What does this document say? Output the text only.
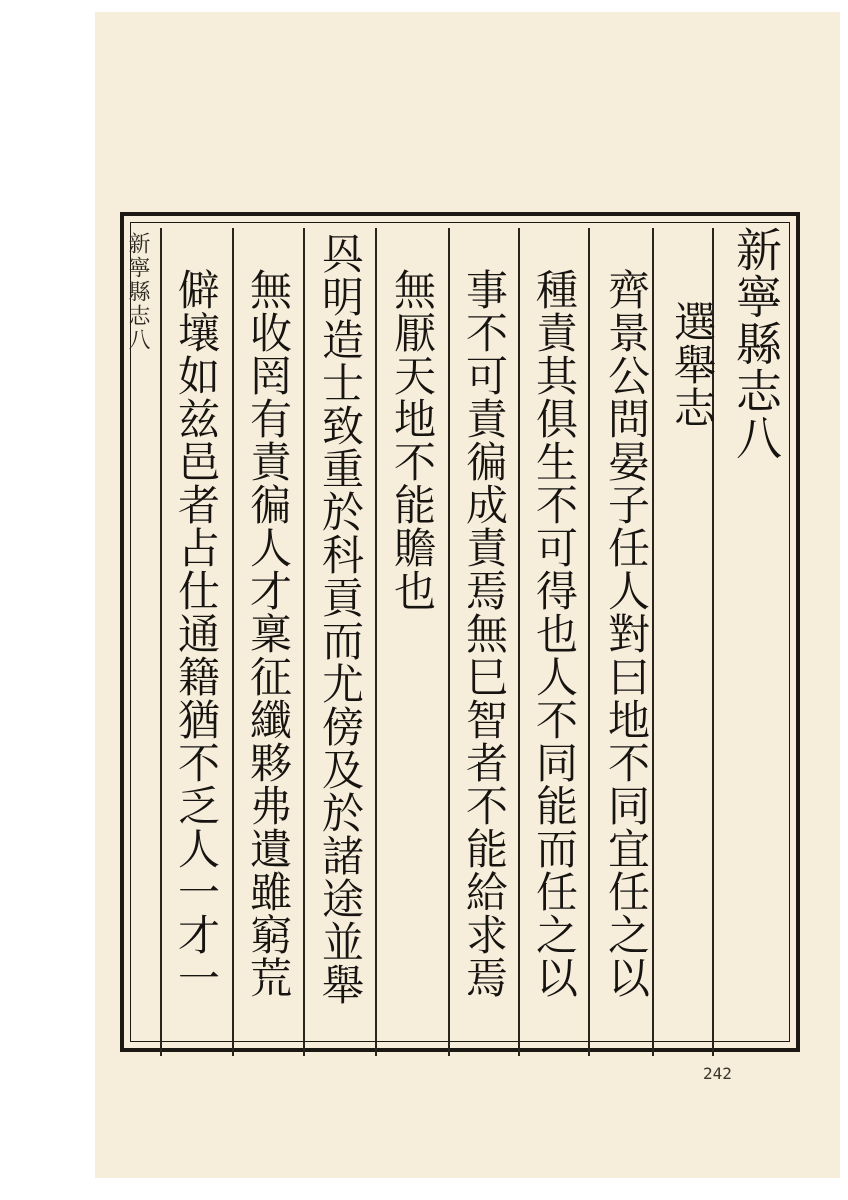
新寧縣志八
選舉志
齊景公問晏子任人對曰地不同宜任之以
種責其俱生不可得也人不同能而任之以
事不可責徧成責焉無巳智者不能給求焉
無厭天地不能贍也
㒷明造士致重於科貢而尤傍及於諸途並舉
無收罔有責徧人才稟征纖夥弗遺雖窮荒
僻壤如兹邑者占仕通籍猶不乏人一才一
新寧縣志八
242
